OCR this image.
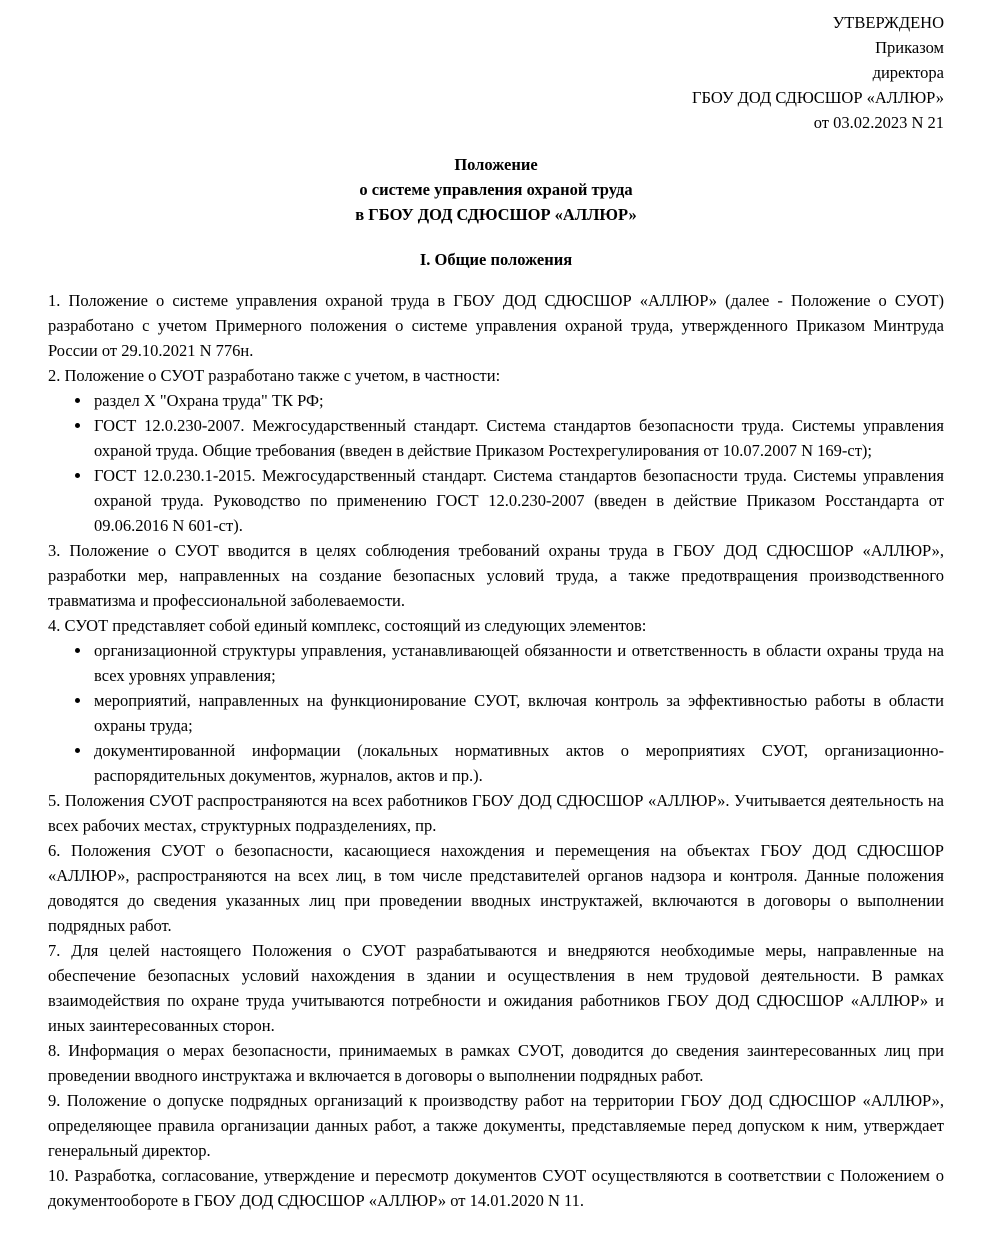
УТВЕРЖДЕНО
Приказом
директора
ГБОУ ДОД СДЮСШОР «АЛЛЮР»
от 03.02.2023 N 21
Положение
о системе управления охраной труда
в ГБОУ ДОД СДЮСШОР «АЛЛЮР»
I. Общие положения

1. Положение о системе управления охраной труда в ГБОУ ДОД СДЮСШОР «АЛЛЮР» (далее - Положение о СУОТ) разработано с учетом Примерного положения о системе управления охраной труда, утвержденного Приказом Минтруда России от 29.10.2021 N 776н.

2. Положение о СУОТ разработано также с учетом, в частности:

• раздел X "Охрана труда" ТК РФ;
• ГОСТ 12.0.230-2007. Межгосударственный стандарт. Система стандартов безопасности труда. Системы управления охраной труда. Общие требования (введен в действие Приказом Ростехрегулирования от 10.07.2007 N 169-ст);
• ГОСТ 12.0.230.1-2015. Межгосударственный стандарт. Система стандартов безопасности труда. Системы управления охраной труда. Руководство по применению ГОСТ 12.0.230-2007 (введен в действие Приказом Росстандарта от 09.06.2016 N 601-ст).

3. Положение о СУОТ вводится в целях соблюдения требований охраны труда в ГБОУ ДОД СДЮСШОР «АЛЛЮР», разработки мер, направленных на создание безопасных условий труда, а также предотвращения производственного травматизма и профессиональной заболеваемости.

4. СУОТ представляет собой единый комплекс, состоящий из следующих элементов:

• организационной структуры управления, устанавливающей обязанности и ответственность в области охраны труда на всех уровнях управления;
• мероприятий, направленных на функционирование СУОТ, включая контроль за эффективностью работы в области охраны труда;
• документированной информации (локальных нормативных актов о мероприятиях СУОТ, организационно-распорядительных документов, журналов, актов и пр.).

5. Положения СУОТ распространяются на всех работников ГБОУ ДОД СДЮСШОР «АЛЛЮР». Учитывается деятельность на всех рабочих местах, структурных подразделениях, пр.

6. Положения СУОТ о безопасности, касающиеся нахождения и перемещения на объектах ГБОУ ДОД СДЮСШОР «АЛЛЮР», распространяются на всех лиц, в том числе представителей органов надзора и контроля. Данные положения доводятся до сведения указанных лиц при проведении вводных инструктажей, включаются в договоры о выполнении подрядных работ.

7. Для целей настоящего Положения о СУОТ разрабатываются и внедряются необходимые меры, направленные на обеспечение безопасных условий нахождения в здании и осуществления в нем трудовой деятельности. В рамках взаимодействия по охране труда учитываются потребности и ожидания работников ГБОУ ДОД СДЮСШОР «АЛЛЮР» и иных заинтересованных сторон.

8. Информация о мерах безопасности, принимаемых в рамках СУОТ, доводится до сведения заинтересованных лиц при проведении вводного инструктажа и включается в договоры о выполнении подрядных работ.

9. Положение о допуске подрядных организаций к производству работ на территории ГБОУ ДОД СДЮСШОР «АЛЛЮР», определяющее правила организации данных работ, а также документы, представляемые перед допуском к ним, утверждает генеральный директор.

10. Разработка, согласование, утверждение и пересмотр документов СУОТ осуществляются в соответствии с Положением о документообороте в ГБОУ ДОД СДЮСШОР «АЛЛЮР» от 14.01.2020 N 11.
